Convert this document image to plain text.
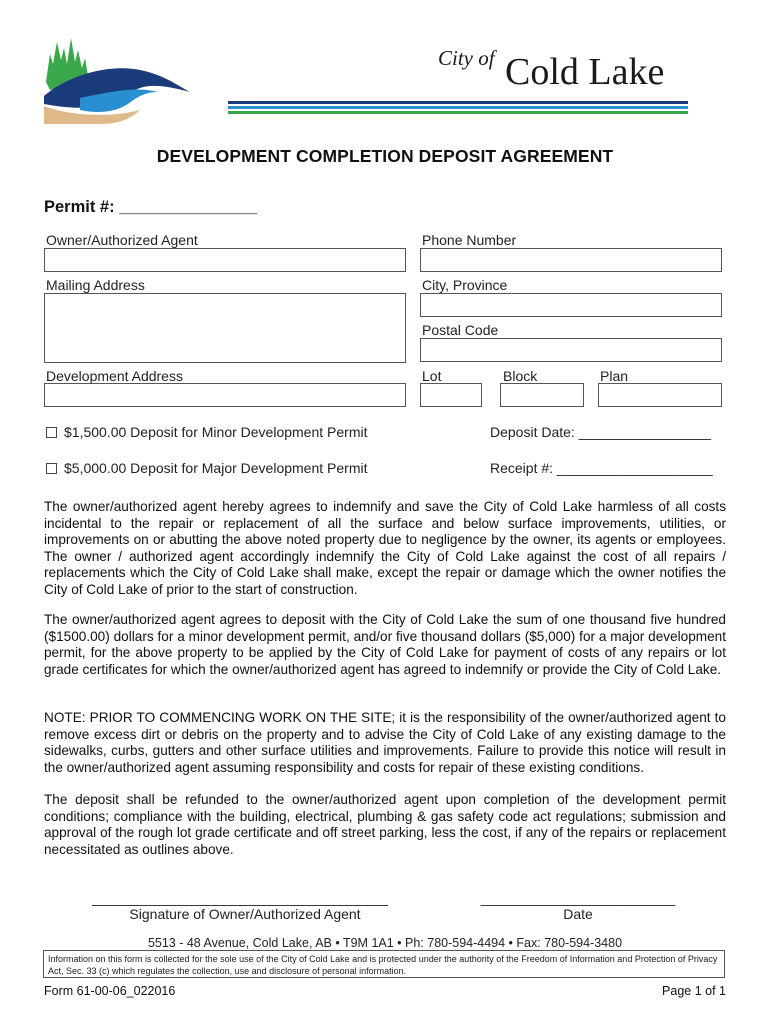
City of Cold Lake
DEVELOPMENT COMPLETION DEPOSIT AGREEMENT
Permit #: _______________
Owner/Authorized Agent	Phone Number
Mailing Address	City, Province
Postal Code
Development Address	Lot	Block	Plan
$1,500.00 Deposit for Minor Development Permit	Deposit Date: _________________
$5,000.00 Deposit for Major Development Permit	Receipt #: ____________________
The owner/authorized agent hereby agrees to indemnify and save the City of Cold Lake harmless of all costs incidental to the repair or replacement of all the surface and below surface improvements, utilities, or improvements on or abutting the above noted property due to negligence by the owner, its agents or employees. The owner / authorized agent accordingly indemnify the City of Cold Lake against the cost of all repairs / replacements which the City of Cold Lake shall make, except the repair or damage which the owner notifies the City of Cold Lake of prior to the start of construction.
The owner/authorized agent agrees to deposit with the City of Cold Lake the sum of one thousand five hundred ($1500.00) dollars for a minor development permit, and/or five thousand dollars ($5,000) for a major development permit, for the above property to be applied by the City of Cold Lake for payment of costs of any repairs or lot grade certificates for which the owner/authorized agent has agreed to indemnify or provide the City of Cold Lake.
NOTE: PRIOR TO COMMENCING WORK ON THE SITE; it is the responsibility of the owner/authorized agent to remove excess dirt or debris on the property and to advise the City of Cold Lake of any existing damage to the sidewalks, curbs, gutters and other surface utilities and improvements. Failure to provide this notice will result in the owner/authorized agent assuming responsibility and costs for repair of these existing conditions.
The deposit shall be refunded to the owner/authorized agent upon completion of the development permit conditions; compliance with the building, electrical, plumbing & gas safety code act regulations; submission and approval of the rough lot grade certificate and off street parking, less the cost, if any of the repairs or replacement necessitated as outlines above.
______________________________________
Signature of Owner/Authorized Agent
_________________________
Date
5513 - 48 Avenue, Cold Lake, AB • T9M 1A1 • Ph: 780-594-4494 • Fax: 780-594-3480
Information on this form is collected for the sole use of the City of Cold Lake and is protected under the authority of the Freedom of Information and Protection of Privacy Act, Sec. 33 (c) which regulates the collection, use and disclosure of personal information.
Form 61-00-06_022016	Page 1 of 1
